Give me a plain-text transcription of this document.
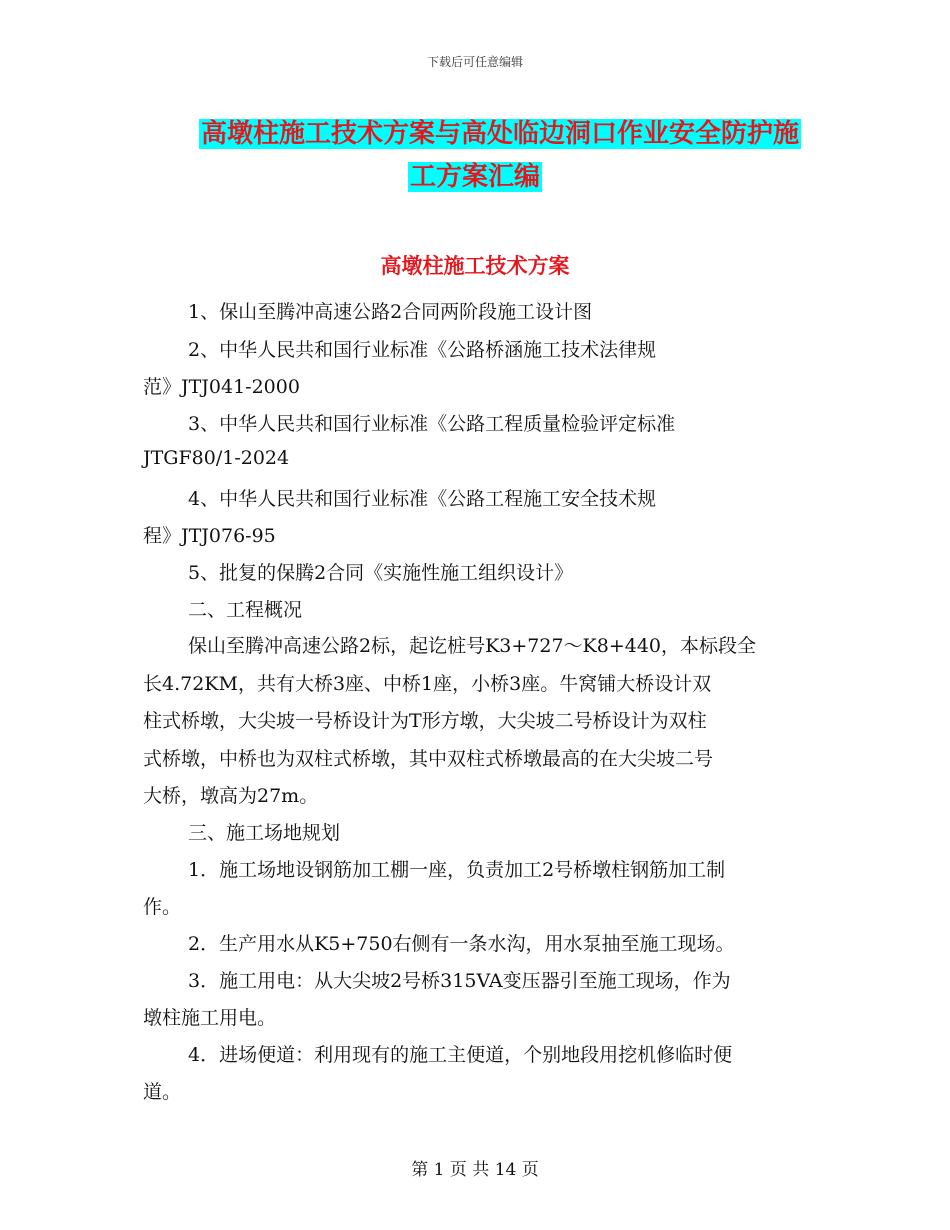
下载后可任意编辑
高墩柱施工技术方案与高处临边洞口作业安全防护施
工方案汇编
高墩柱施工技术方案
1、保山至腾冲高速公路2合同两阶段施工设计图
2、中华人民共和国行业标准《公路桥涵施工技术法律规
范》JTJ041-2000
3、中华人民共和国行业标准《公路工程质量检验评定标准
JTGF80/1-2024
4、中华人民共和国行业标准《公路工程施工安全技术规
程》JTJ076-95
5、批复的保腾2合同《实施性施工组织设计》
二、工程概况
保山至腾冲高速公路2标，起讫桩号K3+727～K8+440，本标段全
长4.72KM，共有大桥3座、中桥1座，小桥3座。牛窝铺大桥设计双
柱式桥墩，大尖坡一号桥设计为T形方墩，大尖坡二号桥设计为双柱
式桥墩，中桥也为双柱式桥墩，其中双柱式桥墩最高的在大尖坡二号
大桥，墩高为27m。
三、施工场地规划
1．施工场地设钢筋加工棚一座，负责加工2号桥墩柱钢筋加工制
作。
2．生产用水从K5+750右侧有一条水沟，用水泵抽至施工现场。
3．施工用电：从大尖坡2号桥315VA变压器引至施工现场，作为
墩柱施工用电。
4．进场便道：利用现有的施工主便道，个别地段用挖机修临时便
道。
第 1 页 共 14 页
